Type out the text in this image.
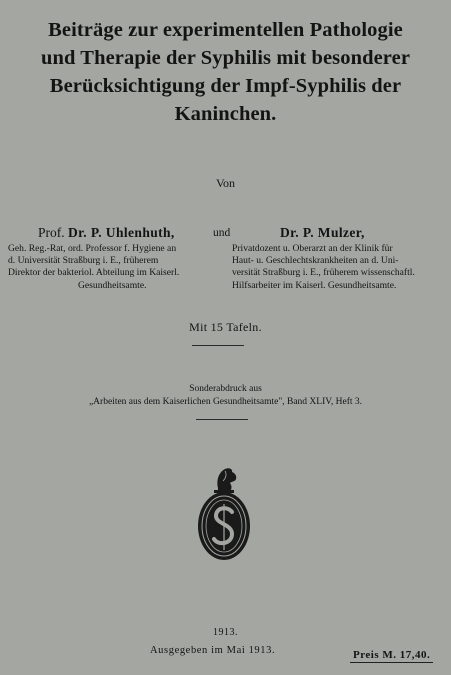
Beiträge zur experimentellen Pathologie
und Therapie der Syphilis mit besonderer
Berücksichtigung der Impf-Syphilis der
Kaninchen.
Von
Prof. Dr. P. Uhlenhuth,	und	Dr. P. Mulzer,
Geh. Reg.-Rat, ord. Professor f. Hygiene an
d. Universität Straßburg i. E., früherem
Direktor der bakteriol. Abteilung im Kaiserl.
Gesundheitsamte.
Privatdozent u. Oberarzt an der Klinik für
Haut- u. Geschlechtskrankheiten an d. Uni-
versität Straßburg i. E., früherem wissenschaftl.
Hilfsarbeiter im Kaiserl. Gesundheitsamte.
Mit 15 Tafeln.
Sonderabdruck aus
„Arbeiten aus dem Kaiserlichen Gesundheitsamte", Band XLIV, Heft 3.
1913.
Ausgegeben im Mai 1913.	Preis M. 17,40.
